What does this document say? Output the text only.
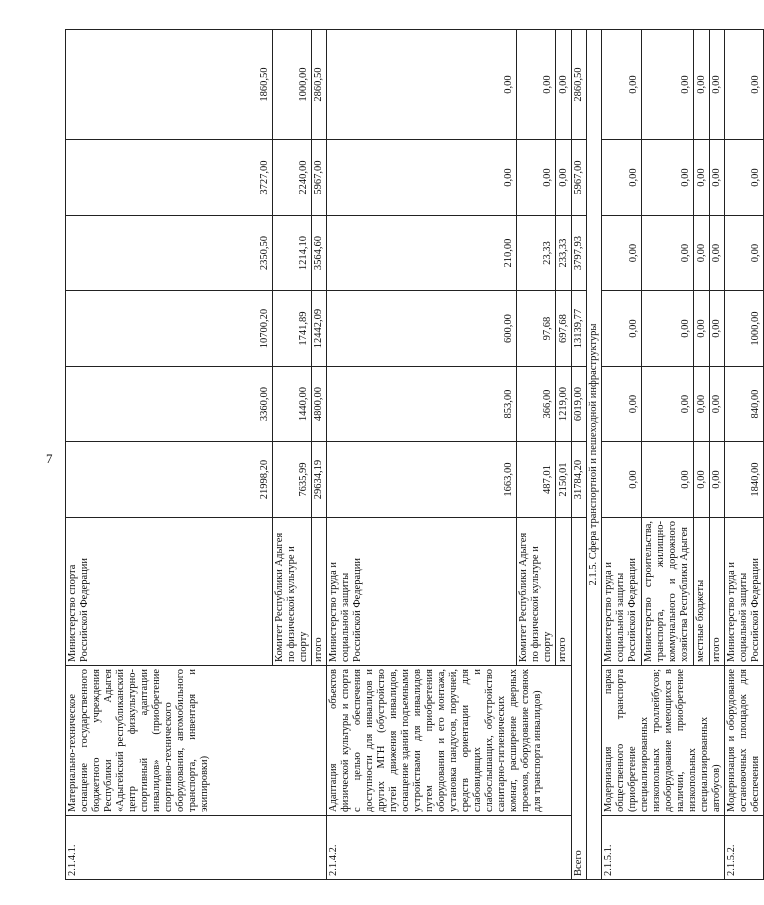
7
2.1.4.1.	Материально-техническое оснащение государственного бюджетного учреждения Республики Адыгея «Адыгейский республиканский центр физкультурно-спортивный адаптации инвалидов» (приобретение спортивно-технического оборудования, автомобильного транспорта, инвентаря и экипировки)	Министерство спорта Российской Федерации	21998,20	3360,00	10700,20	2350,50	3727,00	1860,50
		Комитет Республики Адыгея по физической культуре и спорту	7635,99	1440,00	1741,89	1214,10	2240,00	1000,00
		итого	29634,19	4800,00	12442,09	3564,60	5967,00	2860,50
2.1.4.2.	Адаптация объектов физической культуры и спорта с целью обеспечения доступности для инвалидов и других МГН (обустройство путей движения инвалидов, оснащение зданий подъемными устройствами для инвалидов путем приобретения оборудования и его монтажа, установка пандусов, поручней, средств ориентации для слабовидящих и слабослышащих, обустройство санитарно-гигиенических комнат, расширение дверных проемов, оборудование стоянок для транспорта инвалидов)	Министерство труда и социальной защиты Российской Федерации	1663,00	853,00	600,00	210,00	0,00	0,00
		Комитет Республики Адыгея по физической культуре и спорту	487,01	366,00	97,68	23,33	0,00	0,00
		итого	2150,01	1219,00	697,68	233,33	0,00	0,00
Всего			31784,20	6019,00	13139,77	3797,93	5967,00	2860,50
2.1.5. Сфера транспортной и пешеходной инфраструктуры								
2.1.5.1.	Модернизация парка общественного транспорта (приобретение специализированных низкопольных троллейбусов; дооборудование имеющихся в наличии, приобретение низкопольных специализированных автобусов)	Министерство труда и социальной защиты Российской Федерации	0,00	0,00	0,00	0,00	0,00	0,00
		Министерство строительства, транспорта, жилищно-коммунального и дорожного хозяйства Республики Адыгея	0,00	0,00	0,00	0,00	0,00	0,00
		местные бюджеты	0,00	0,00	0,00	0,00	0,00	0,00
		итого	0,00	0,00	0,00	0,00	0,00	0,00
2.1.5.2.	Модернизация и оборудование остановочных площадок для обеспечения	Министерство труда и социальной защиты Российской Федерации	1840,00	840,00	1000,00	0,00	0,00	0,00
